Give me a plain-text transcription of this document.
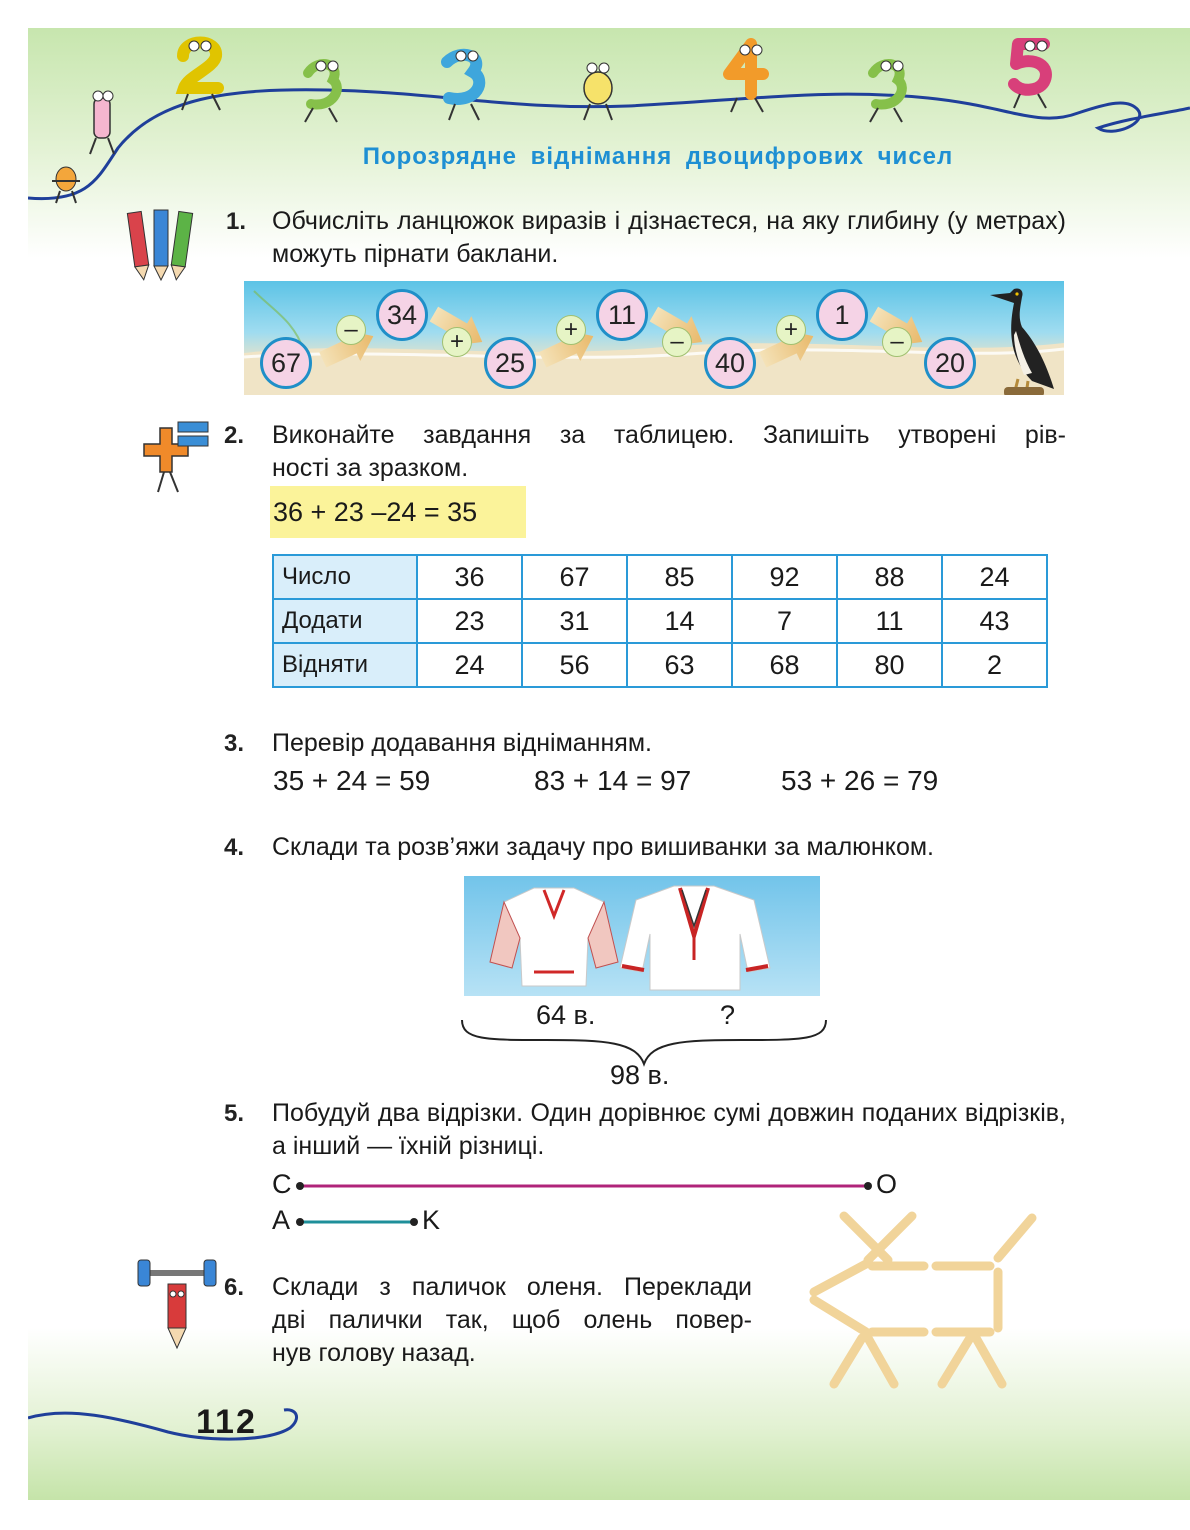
Порозрядне віднімання двоцифрових чисел
1. Обчисліть ланцюжок виразів і дізнаєтеся, на яку глибину (у метрах) можуть пірнати баклани.
67
–	34
+
25
+	11
–
40
+	1
–
20
2. Виконайте завдання за таблицею. Запишіть утворені рів-
ності за зразком.
36 + 23 –24 = 35
Число	36	67	85	92	88	24
Додати	23	31	14	7	11	43
Відняти	24	56	63	68	80	2
3. Перевір додавання відніманням.
35 + 24 = 59	83 + 14 = 97	53 + 26 = 79
4. Склади та розв’яжи задачу про вишиванки за малюнком.
64 в.	?
98 в.
5. Побудуй два відрізки. Один дорівнює сумі довжин поданих відрізків, а інший — їхній різниці.
C	O
A	K
6. Склади з паличок оленя. Переклади
дві палички так, щоб олень повер-
нув голову назад.
112
